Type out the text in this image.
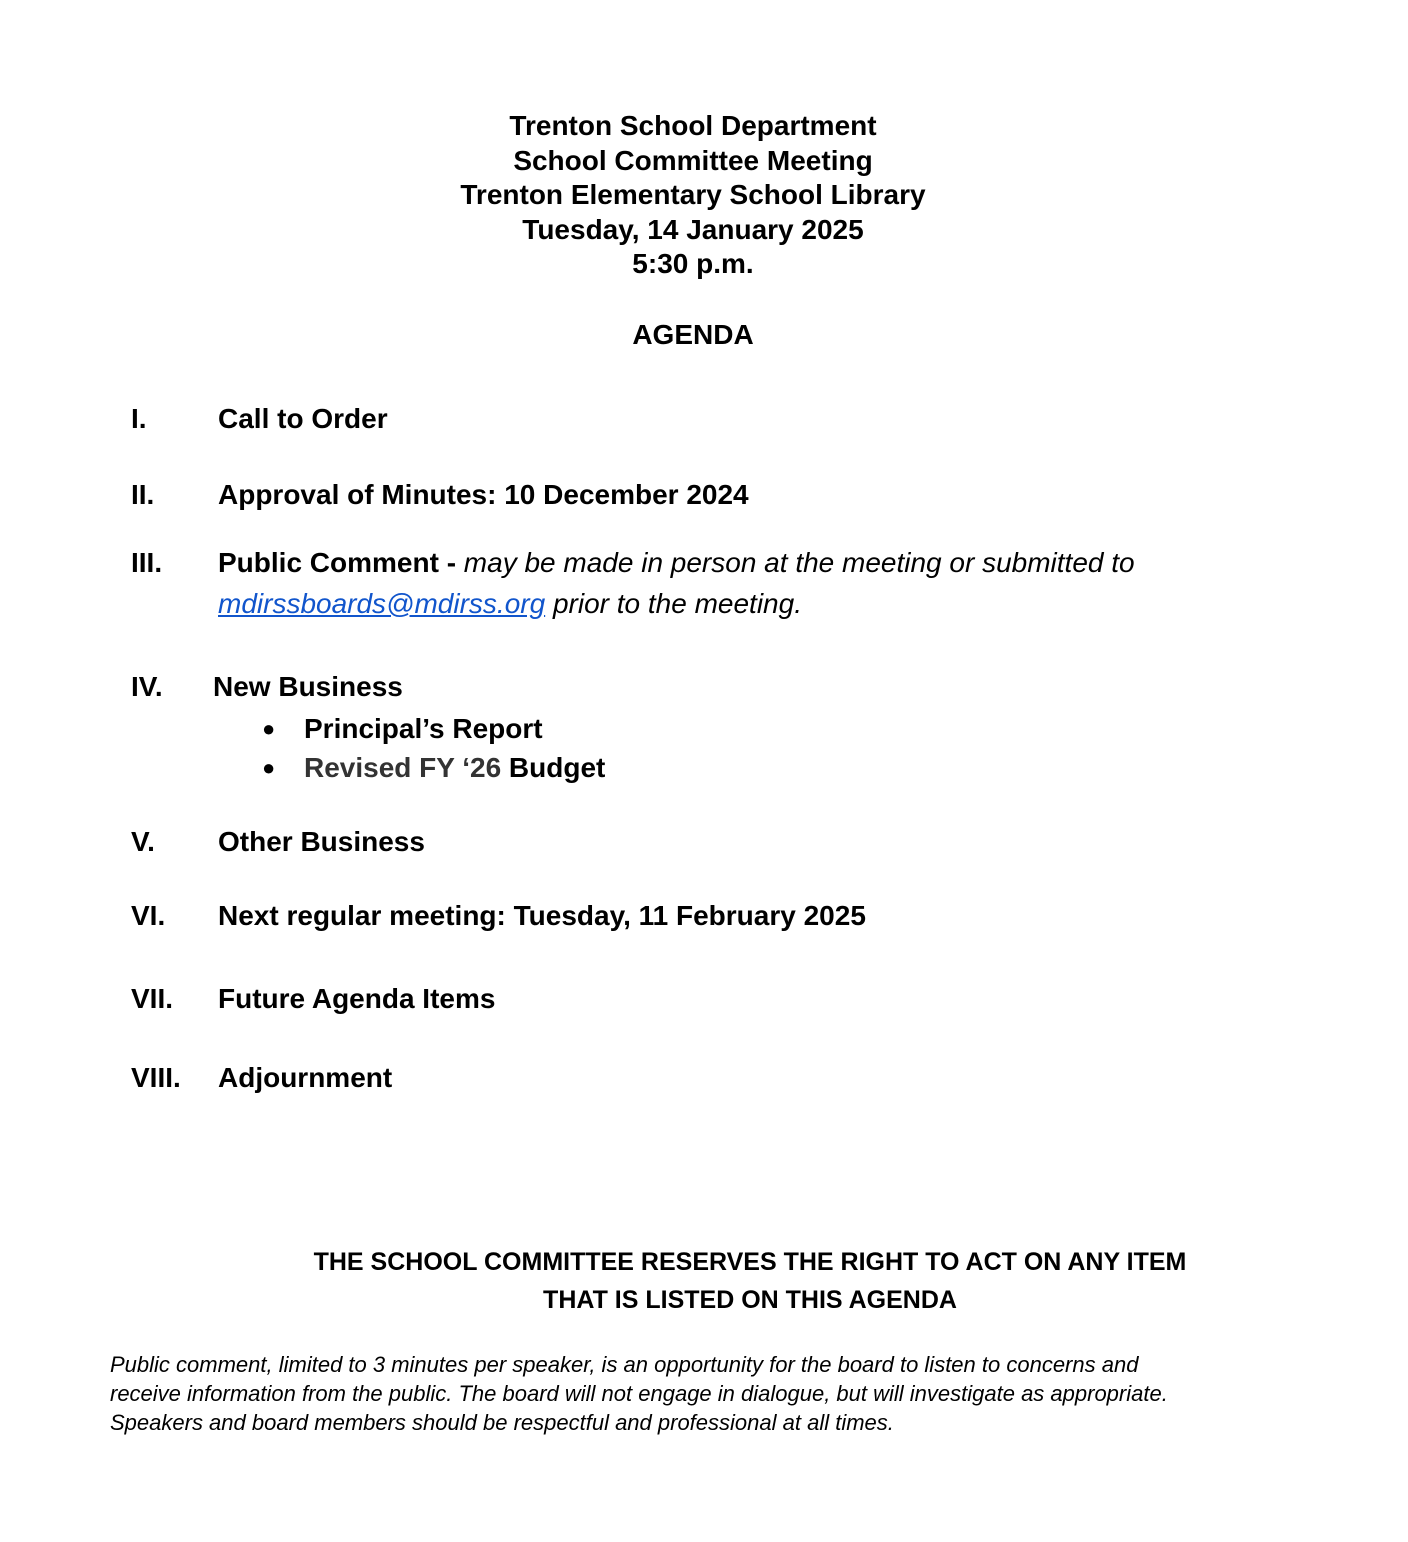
Trenton School Department
School Committee Meeting
Trenton Elementary School Library
Tuesday, 14 January 2025
5:30 p.m.
AGENDA
I.	Call to Order
II. Approval of Minutes: 10 December 2024
III. Public Comment - may be made in person at the meeting or submitted to
mdirssboards@mdirss.org prior to the meeting.
IV. New Business
● Principal’s Report
● Revised FY ‘26 Budget
V. Other Business
VI. Next regular meeting: Tuesday, 11 February 2025
VII. Future Agenda Items
VIII. Adjournment
THE SCHOOL COMMITTEE RESERVES THE RIGHT TO ACT ON ANY ITEM
THAT IS LISTED ON THIS AGENDA
Public comment, limited to 3 minutes per speaker, is an opportunity for the board to listen to concerns and
receive information from the public. The board will not engage in dialogue, but will investigate as appropriate.
Speakers and board members should be respectful and professional at all times.
